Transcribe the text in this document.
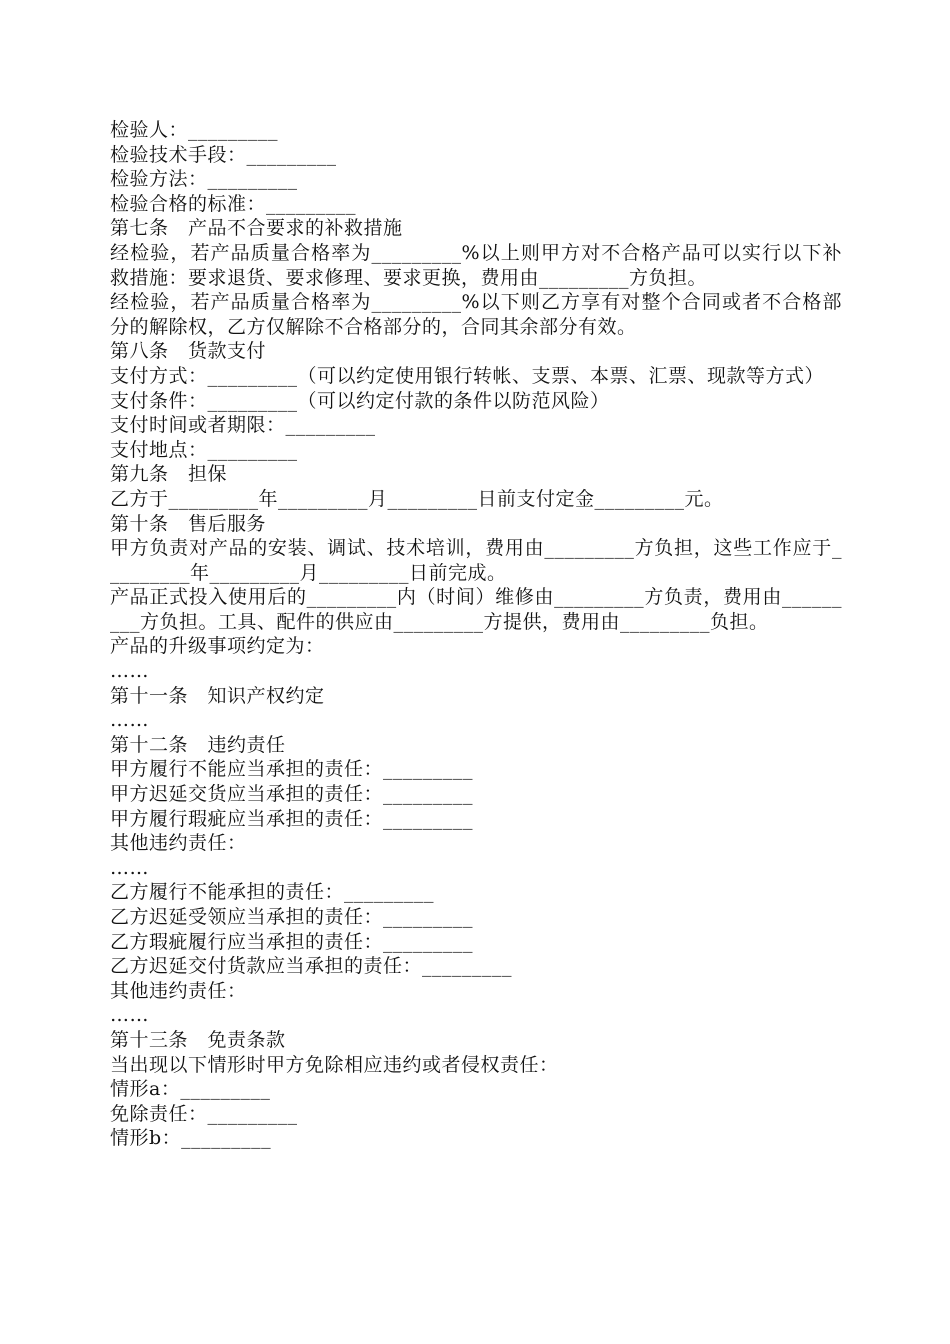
检验人：_________

检验技术手段：_________

检验方法：_________

检验合格的标准：_________

第七条　产品不合要求的补救措施

经检验，若产品质量合格率为_________%以上则甲方对不合格产品可以实行以下补救措施：要求退货、要求修理、要求更换，费用由_________方负担。

经检验，若产品质量合格率为_________%以下则乙方享有对整个合同或者不合格部分的解除权，乙方仅解除不合格部分的，合同其余部分有效。

第八条　货款支付

支付方式：_________（可以约定使用银行转帐、支票、本票、汇票、现款等方式）

支付条件：_________（可以约定付款的条件以防范风险）

支付时间或者期限：_________

支付地点：_________

第九条　担保

乙方于_________年_________月_________日前支付定金_________元。

第十条　售后服务

甲方负责对产品的安装、调试、技术培训，费用由_________方负担，这些工作应于_________年_________月_________日前完成。

产品正式投入使用后的_________内（时间）维修由_________方负责，费用由_________方负担。工具、配件的供应由_________方提供，费用由_________负担。

产品的升级事项约定为：

……

第十一条　知识产权约定

……

第十二条　违约责任

甲方履行不能应当承担的责任：_________

甲方迟延交货应当承担的责任：_________

甲方履行瑕疵应当承担的责任：_________

其他违约责任：

……

乙方履行不能承担的责任：_________

乙方迟延受领应当承担的责任：_________

乙方瑕疵履行应当承担的责任：_________

乙方迟延交付货款应当承担的责任：_________

其他违约责任：

……

第十三条　免责条款

当出现以下情形时甲方免除相应违约或者侵权责任：

情形a：_________

免除责任：_________

情形b：_________
